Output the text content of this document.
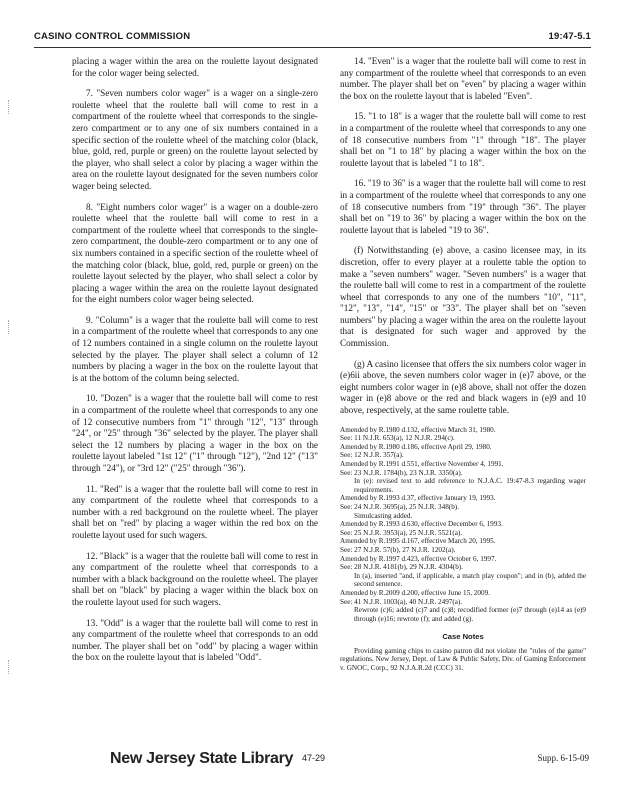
CASINO CONTROL COMMISSION	19:47-5.1

placing a wager within the area on the roulette layout designated for the color wager being selected.

7. "Seven numbers color wager" is a wager on a single-zero roulette wheel that the roulette ball will come to rest in a compartment of the roulette wheel that corresponds to the single-zero compartment or to any one of six numbers contained in a specific section of the roulette wheel of the matching color (black, blue, gold, red, purple or green) on the roulette layout selected by the player, who shall select a color by placing a wager within the area on the roulette layout designated for the seven numbers color wager being selected.

8. "Eight numbers color wager" is a wager on a double-zero roulette wheel that the roulette ball will come to rest in a compartment of the roulette wheel that corresponds to the single-zero compartment, the double-zero compartment or to any one of six numbers contained in a specific section of the roulette wheel of the matching color (black, blue, gold, red, purple or green) on the roulette layout selected by the player, who shall select a color by placing a wager within the area on the roulette layout designated for the eight numbers color wager being selected.

9. "Column" is a wager that the roulette ball will come to rest in a compartment of the roulette wheel that corresponds to any one of 12 numbers contained in a single column on the roulette layout selected by the player. The player shall select a column of 12 numbers by placing a wager in the box on the roulette layout that is at the bottom of the column being selected.

10. "Dozen" is a wager that the roulette ball will come to rest in a compartment of the roulette wheel that corresponds to any one of 12 consecutive numbers from "1" through "12", "13" through "24", or "25" through "36" selected by the player. The player shall select the 12 numbers by placing a wager in the box on the roulette layout labeled "1st 12" ("1" through "12"), "2nd 12" ("13" through "24"), or "3rd 12" ("25" through "36").

11. "Red" is a wager that the roulette ball will come to rest in any compartment of the roulette wheel that corresponds to a number with a red background on the roulette wheel. The player shall bet on "red" by placing a wager within the red box on the roulette layout used for such wagers.

12. "Black" is a wager that the roulette ball will come to rest in any compartment of the roulette wheel that corresponds to a number with a black background on the roulette wheel. The player shall bet on "black" by placing a wager within the black box on the roulette layout used for such wagers.

13. "Odd" is a wager that the roulette ball will come to rest in any compartment of the roulette wheel that corresponds to an odd number. The player shall bet on "odd" by placing a wager within the box on the roulette layout that is labeled "Odd".

14. "Even" is a wager that the roulette ball will come to rest in any compartment of the roulette wheel that corresponds to an even number. The player shall bet on "even" by placing a wager within the box on the roulette layout that is labeled "Even".

15. "1 to 18" is a wager that the roulette ball will come to rest in a compartment of the roulette wheel that corresponds to any one of 18 consecutive numbers from "1" through "18". The player shall bet on "1 to 18" by placing a wager within the box on the roulette layout that is labeled "1 to 18".

16. "19 to 36" is a wager that the roulette ball will come to rest in a compartment of the roulette wheel that corresponds to any one of 18 consecutive numbers from "19" through "36". The player shall bet on "19 to 36" by placing a wager within the box on the roulette layout that is labeled "19 to 36".

(f) Notwithstanding (e) above, a casino licensee may, in its discretion, offer to every player at a roulette table the option to make a "seven numbers" wager. "Seven numbers" is a wager that the roulette ball will come to rest in a compartment of the roulette wheel that corresponds to any one of the numbers "10", "11", "12", "13", "14", "15" or "33". The player shall bet on "seven numbers" by placing a wager within the area on the roulette layout that is designated for such wager and approved by the Commission.

(g) A casino licensee that offers the six numbers color wager in (e)6ii above, the seven numbers color wager in (e)7 above, or the eight numbers color wager in (e)8 above, shall not offer the dozen wager in (e)8 above or the red and black wagers in (e)9 and 10 above, respectively, at the same roulette table.

Amended by R.1980 d.132, effective March 31, 1980.
See: 11 N.J.R. 653(a), 12 N.J.R. 294(c).
Amended by R.1980 d.186, effective April 29, 1980.
See: 12 N.J.R. 357(a).
Amended by R.1991 d.551, effective November 4, 1991.
See: 23 N.J.R. 1784(b), 23 N.J.R. 3350(a).
In (e): revised text to add reference to N.J.A.C. 19:47-8.3 regarding wager requirements.
Amended by R.1993 d.37, effective January 19, 1993.
See: 24 N.J.R. 3695(a), 25 N.J.R. 348(b).
Simulcasting added.
Amended by R.1993 d.630, effective December 6, 1993.
See: 25 N.J.R. 3953(a), 25 N.J.R. 5521(a).
Amended by R.1995 d.167, effective March 20, 1995.
See: 27 N.J.R. 57(b), 27 N.J.R. 1202(a).
Amended by R.1997 d.423, effective October 6, 1997.
See: 28 N.J.R. 4181(b), 29 N.J.R. 4304(b).
In (a), inserted "and, if applicable, a match play coupon"; and in (b), added the second sentence.
Amended by R.2009 d.200, effective June 15, 2009.
See: 41 N.J.R. 1003(a), 40 N.J.R. 2497(a).
Rewrote (c)6; added (c)7 and (c)8; recodified former (e)7 through (e)14 as (e)9 through (e)16; rewrote (f); and added (g).
Case Notes
Providing gaming chips to casino patron did not violate the "rules of the game" regulations. New Jersey, Dept. of Law & Public Safety, Div. of Gaming Enforcement v. GNOC, Corp., 92 N.J.A.R.2d (CCC) 31.
New Jersey State Library 47-29	Supp. 6-15-09
